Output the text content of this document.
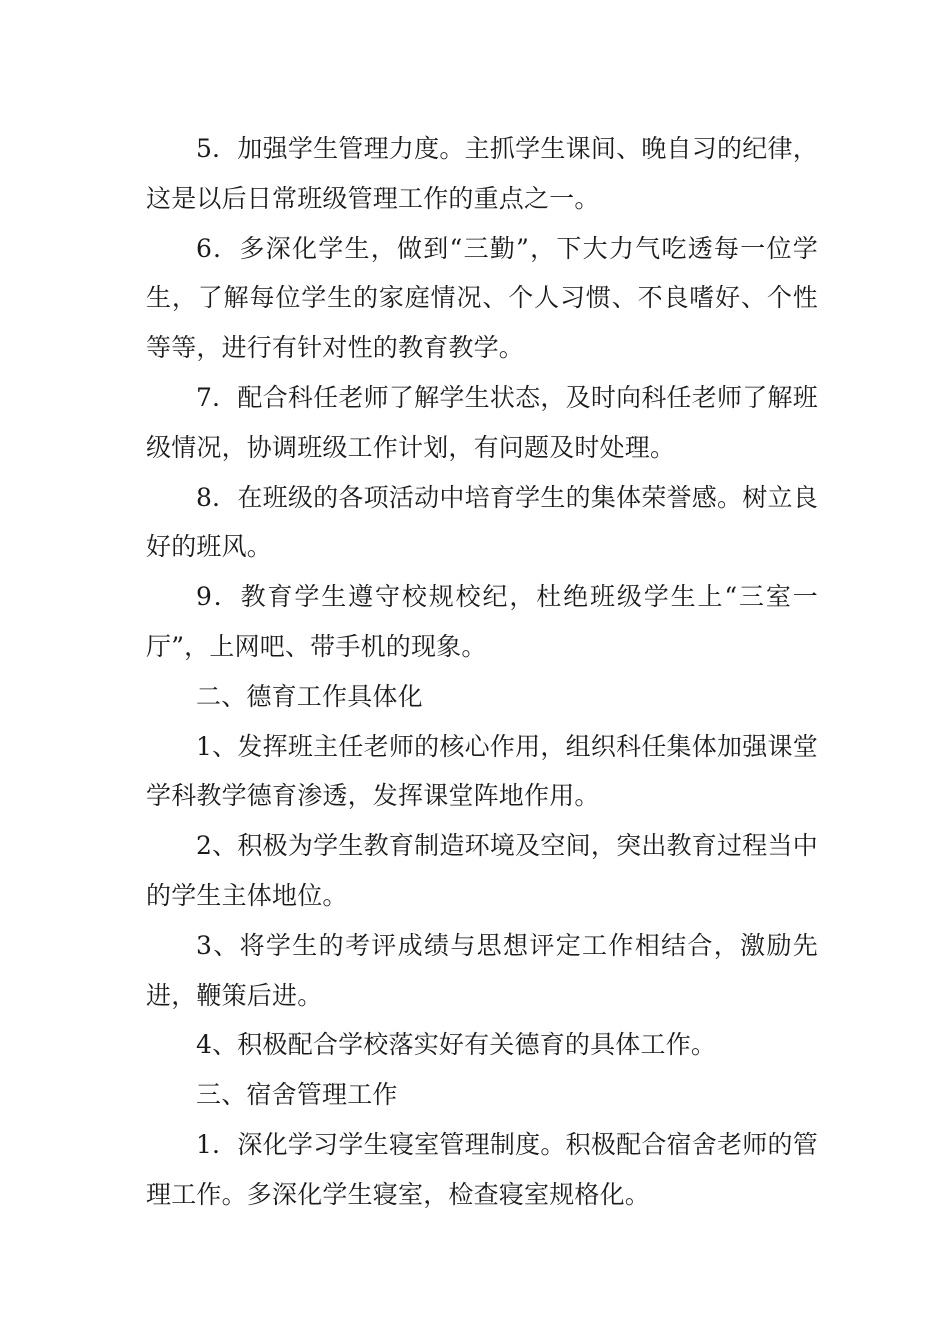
5．加强学生管理力度。主抓学生课间、晚自习的纪律，这是以后日常班级管理工作的重点之一。

6．多深化学生，做到“三勤”，下大力气吃透每一位学生，了解每位学生的家庭情况、个人习惯、不良嗜好、个性等等，进行有针对性的教育教学。

7．配合科任老师了解学生状态，及时向科任老师了解班级情况，协调班级工作计划，有问题及时处理。

8．在班级的各项活动中培育学生的集体荣誉感。树立良好的班风。

9．教育学生遵守校规校纪，杜绝班级学生上“三室一厅”，上网吧、带手机的现象。

二、德育工作具体化

1、发挥班主任老师的核心作用，组织科任集体加强课堂学科教学德育渗透，发挥课堂阵地作用。

2、积极为学生教育制造环境及空间，突出教育过程当中的学生主体地位。

3、将学生的考评成绩与思想评定工作相结合，激励先进，鞭策后进。

4、积极配合学校落实好有关德育的具体工作。

三、宿舍管理工作

1．深化学习学生寝室管理制度。积极配合宿舍老师的管理工作。多深化学生寝室，检查寝室规格化。
